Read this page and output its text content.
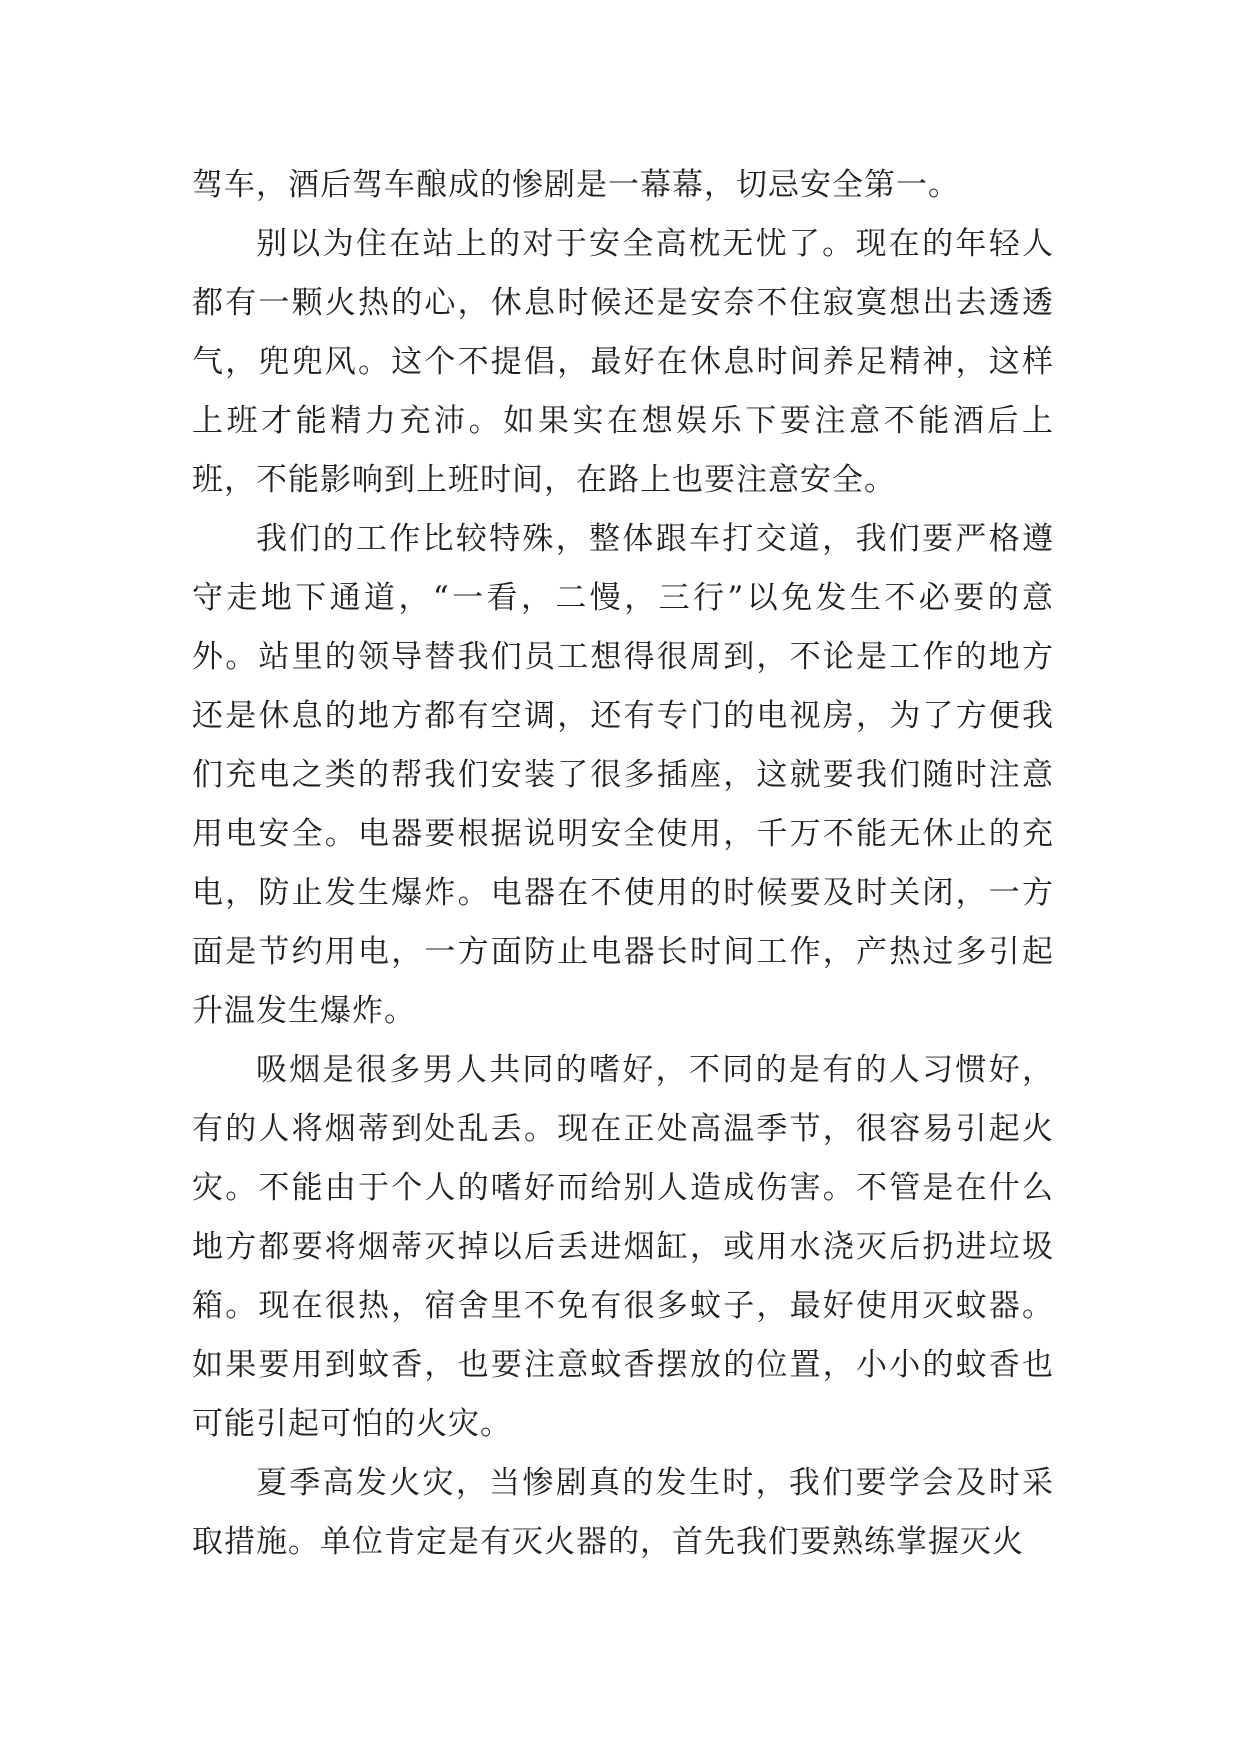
驾车，酒后驾车酿成的惨剧是一幕幕，切忌安全第一。

别以为住在站上的对于安全高枕无忧了。现在的年轻人都有一颗火热的心，休息时候还是安奈不住寂寞想出去透透气，兜兜风。这个不提倡，最好在休息时间养足精神，这样上班才能精力充沛。如果实在想娱乐下要注意不能酒后上班，不能影响到上班时间，在路上也要注意安全。

我们的工作比较特殊，整体跟车打交道，我们要严格遵守走地下通道，“一看，二慢，三行”以免发生不必要的意外。站里的领导替我们员工想得很周到，不论是工作的地方还是休息的地方都有空调，还有专门的电视房，为了方便我们充电之类的帮我们安装了很多插座，这就要我们随时注意用电安全。电器要根据说明安全使用，千万不能无休止的充电，防止发生爆炸。电器在不使用的时候要及时关闭，一方面是节约用电，一方面防止电器长时间工作，产热过多引起升温发生爆炸。

吸烟是很多男人共同的嗜好，不同的是有的人习惯好，有的人将烟蒂到处乱丢。现在正处高温季节，很容易引起火灾。不能由于个人的嗜好而给别人造成伤害。不管是在什么地方都要将烟蒂灭掉以后丢进烟缸，或用水浇灭后扔进垃圾箱。现在很热，宿舍里不免有很多蚊子，最好使用灭蚊器。如果要用到蚊香，也要注意蚊香摆放的位置，小小的蚊香也可能引起可怕的火灾。

夏季高发火灾，当惨剧真的发生时，我们要学会及时采取措施。单位肯定是有灭火器的，首先我们要熟练掌握灭火
